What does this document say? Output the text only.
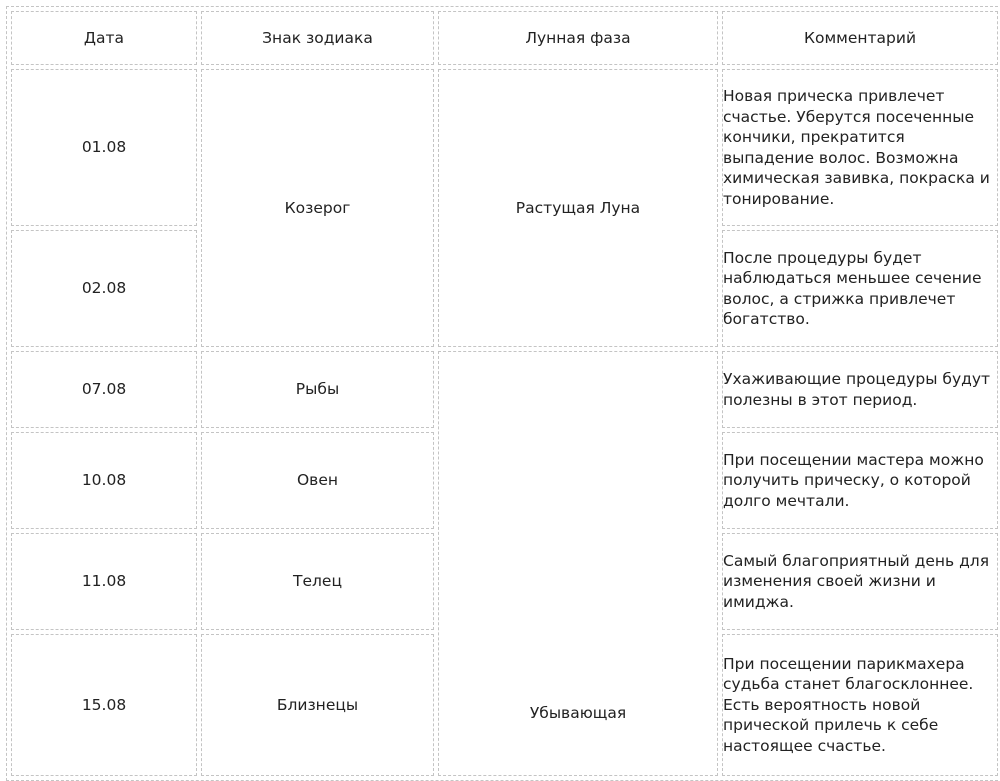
Дата	Знак зодиака	Лунная фаза	Комментарий
01.08	Козерог	Растущая Луна	Новая прическа привлечет счастье. Уберутся посеченные кончики, прекратится выпадение волос. Возможна химическая завивка, покраска и тонирование.
02.08			После процедуры будет наблюдаться меньшее сечение волос, а стрижка привлечет богатство.
07.08	Рыбы	Убывающая	Ухаживающие процедуры будут полезны в этот период.
10.08	Овен		При посещении мастера можно получить прическу, о которой долго мечтали.
11.08	Телец		Самый благоприятный день для изменения своей жизни и имиджа.
15.08	Близнецы		При посещении парикмахера судьба станет благосклоннее. Есть вероятность новой прической прилечь к себе настоящее счастье.
